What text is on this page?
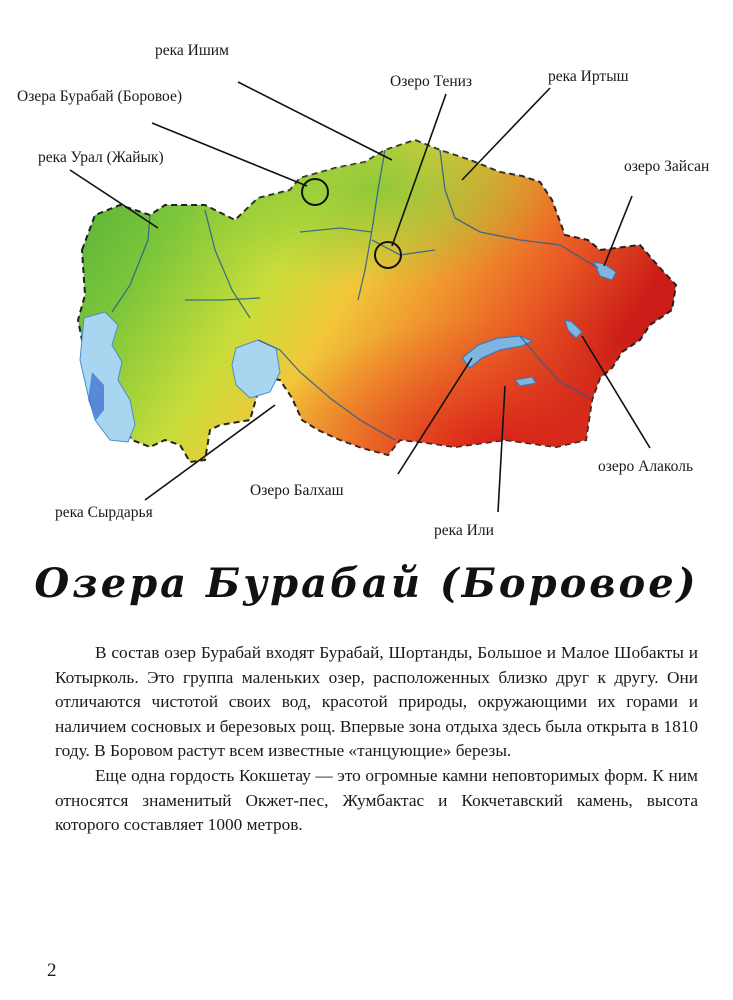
река Ишим
Озера Бурабай (Боровое)
река Урал (Жайык)
Озеро Тениз	река Иртыш
озеро Зайсан
озеро Алаколь
Озеро Балхаш
река Сырдарья
река Или
Озера Бурабай (Боровое)

В состав озер Бурабай входят Бурабай, Шортанды, Большое и Малое Шобакты и Котырколь. Это группа маленьких озер, расположенных близко друг к другу. Они отличаются чистотой своих вод, красотой природы, окружающими их горами и наличием сосновых и березовых рощ. Впервые зона отдыха здесь была открыта в 1810 году. В Боровом растут всем известные «танцующие» березы.

Еще одна гордость Кокшетау — это огромные камни неповторимых форм. К ним относятся знаменитый Окжет-пес, Жумбактас и Кокчетавский камень, высота которого составляет 1000 метров.

2
